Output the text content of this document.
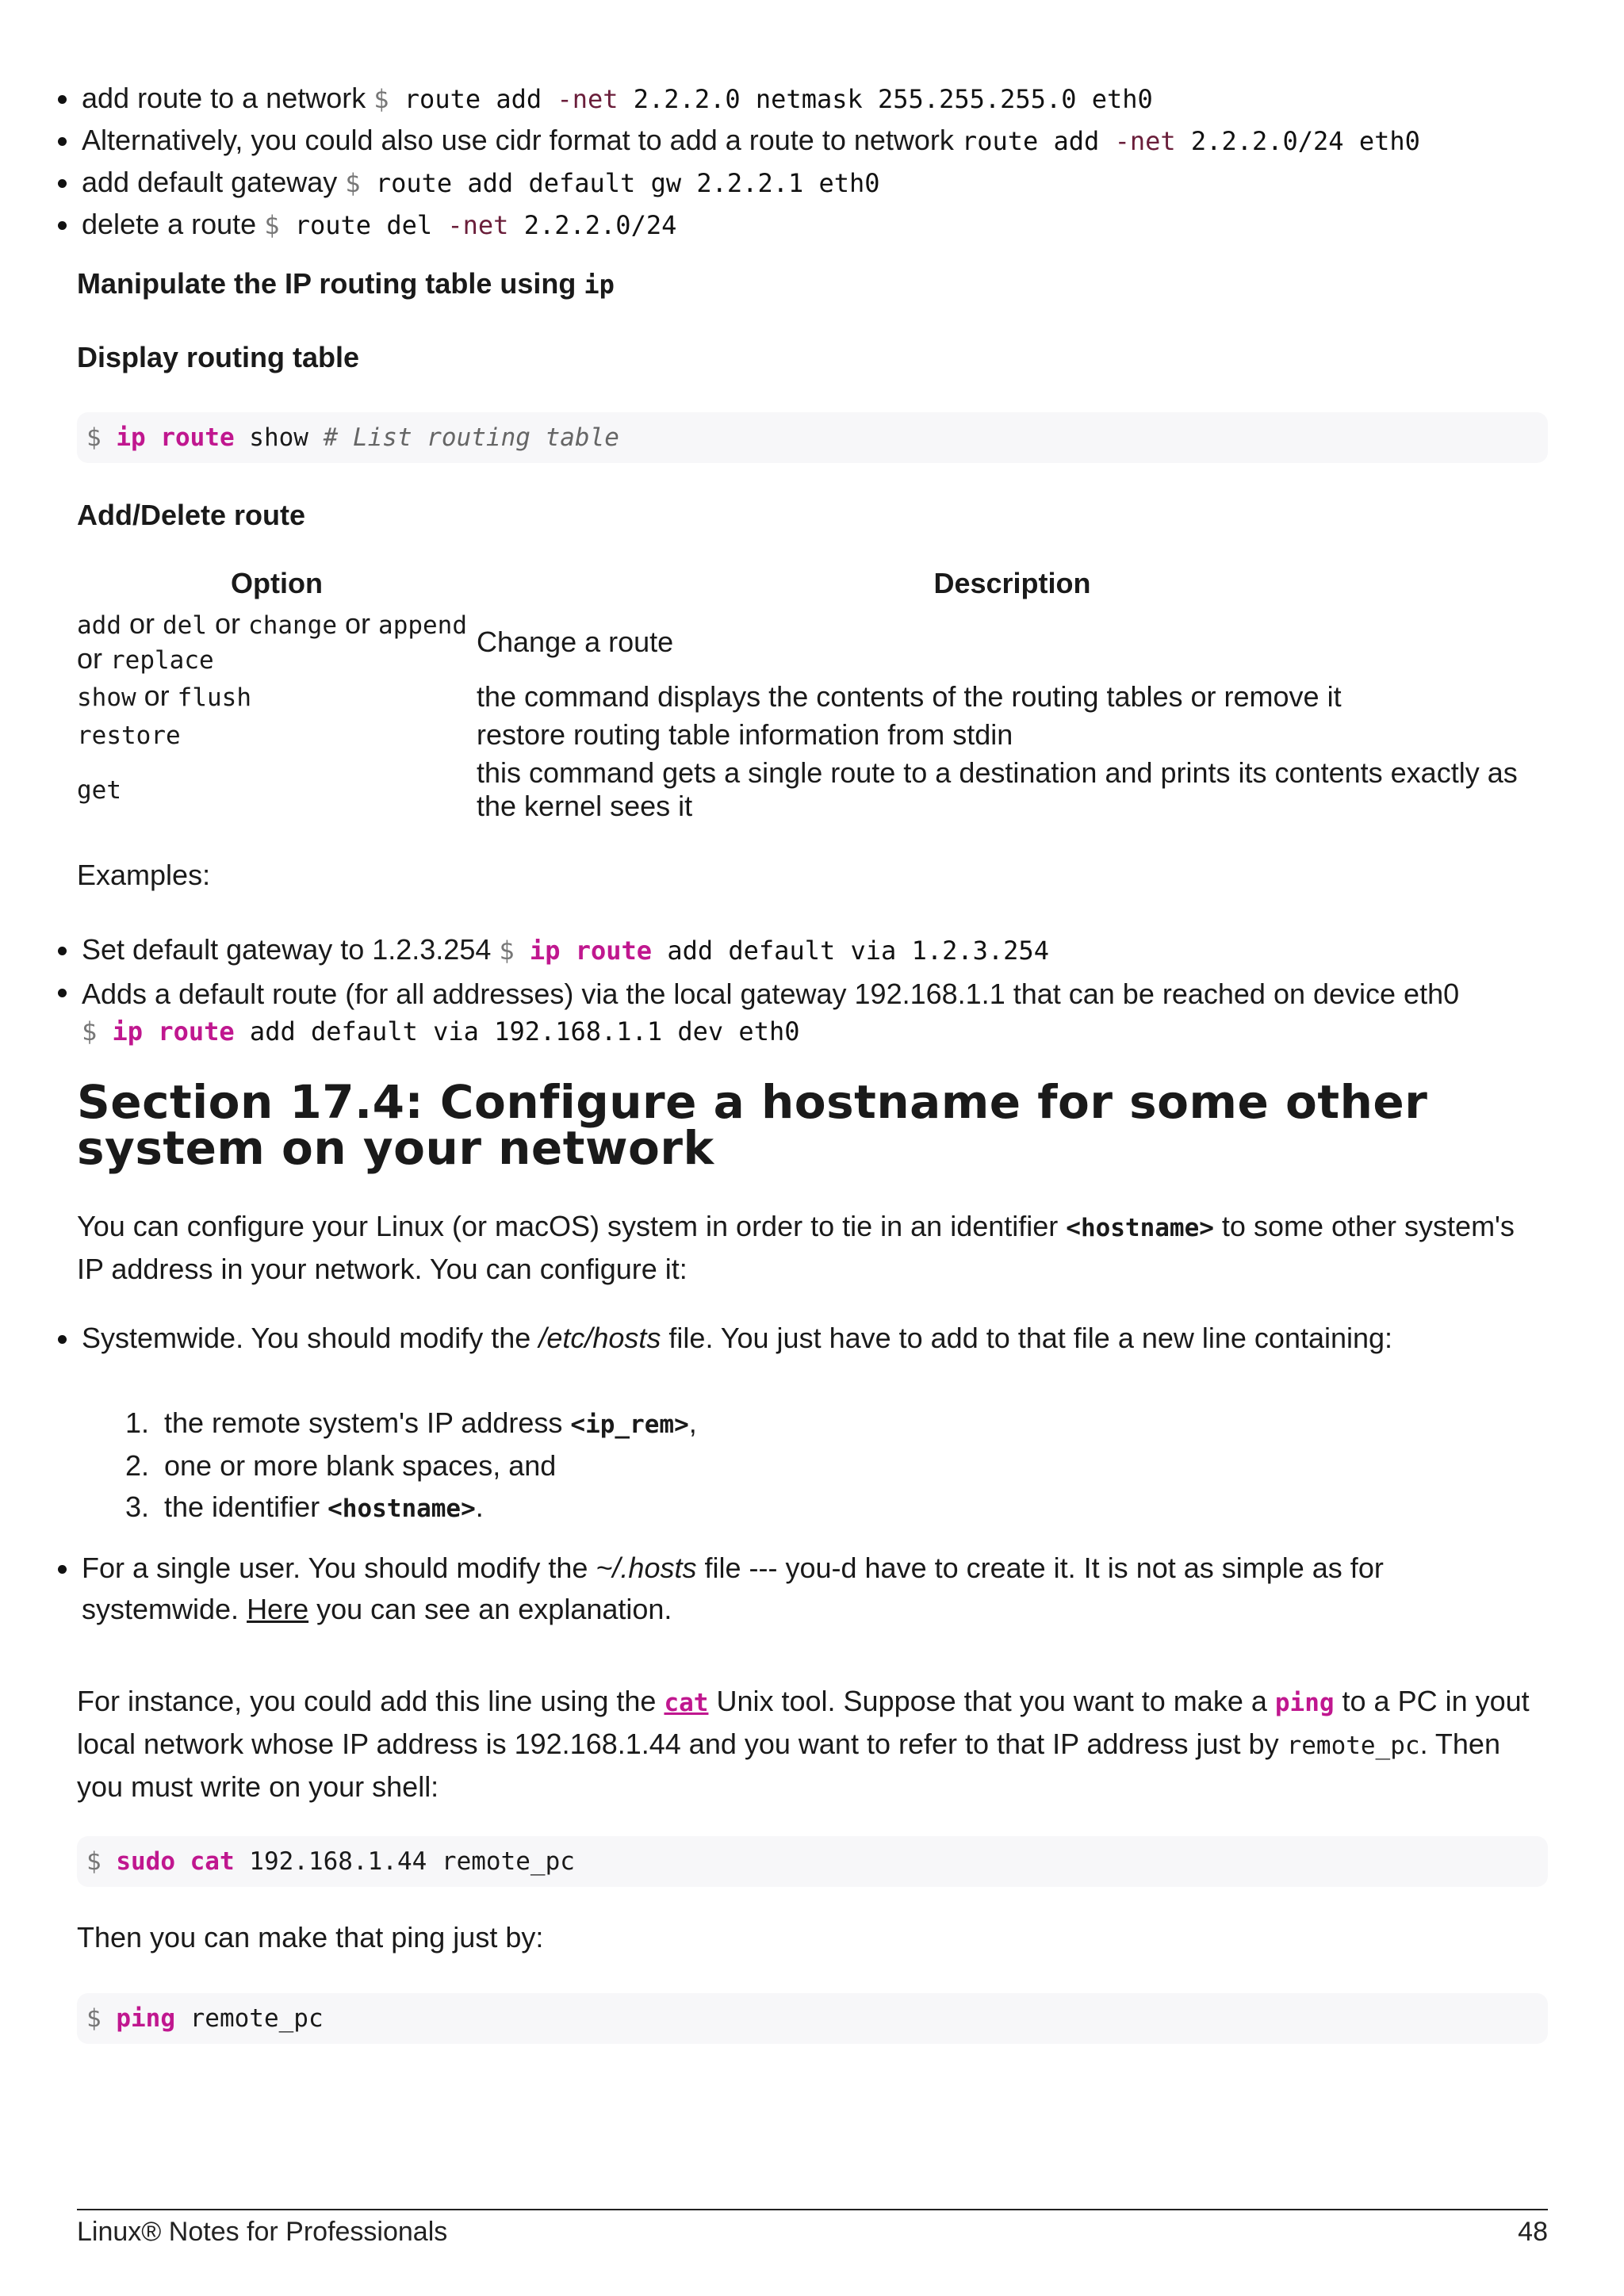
add route to a network $ route add -net 2.2.2.0 netmask 255.255.255.0 eth0
Alternatively, you could also use cidr format to add a route to network route add -net 2.2.2.0/24 eth0
add default gateway $ route add default gw 2.2.2.1 eth0
delete a route $ route del -net 2.2.2.0/24
Manipulate the IP routing table using ip
Display routing table
$ ip route show # List routing table
Add/Delete route
Option	Description
add or del or change or append or replace	Change a route
show or flush	the command displays the contents of the routing tables or remove it
restore	restore routing table information from stdin
get	this command gets a single route to a destination and prints its contents exactly as the kernel sees it
Examples:
Set default gateway to 1.2.3.254 $ ip route add default via 1.2.3.254
Adds a default route (for all addresses) via the local gateway 192.168.1.1 that can be reached on device eth0
$ ip route add default via 192.168.1.1 dev eth0
Section 17.4: Configure a hostname for some other system on your network

You can configure your Linux (or macOS) system in order to tie in an identifier <hostname> to some other system's IP address in your network. You can configure it:

Systemwide. You should modify the /etc/hosts file. You just have to add to that file a new line containing:
1. the remote system's IP address <ip_rem>,
2. one or more blank spaces, and
3. the identifier <hostname>.
For a single user. You should modify the ~/.hosts file --- you-d have to create it. It is not as simple as for systemwide. Here you can see an explanation.

For instance, you could add this line using the cat Unix tool. Suppose that you want to make a ping to a PC in yout local network whose IP address is 192.168.1.44 and you want to refer to that IP address just by remote_pc. Then you must write on your shell:

$ sudo cat 192.168.1.44 remote_pc
Then you can make that ping just by:
$ ping remote_pc
Linux® Notes for Professionals	48
